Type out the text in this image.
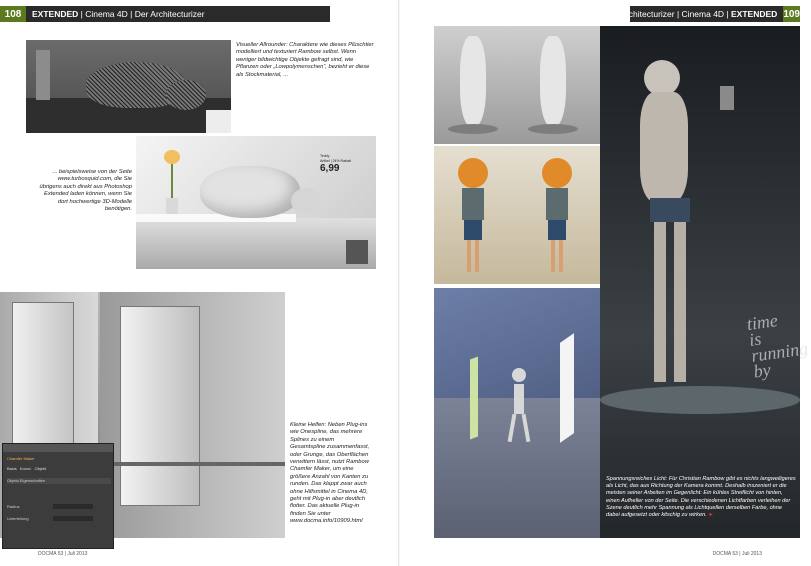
108	EXTENDED | Cinema 4D | Der Architecturizer
Visueller Allrounder: Charaktere wie dieses Plüschtier modelliert und texturiert Rambow selbst. Wenn weniger bildwichtige Objekte gefragt sind, wie Pflanzen oder „Lowpolymenschen“, bezieht er diese als Stockmaterial, ...
Teddy
Artikel | 24% Rabatt
6,99
... beispielsweise von der Seite www.turbosquid.com, die Sie übrigens auch direkt aus Photoshop Extended laden können, wenn Sie dort hochwertige 3D-Modelle benötigen.
Chamfer Maker
Basis Koord. Objekt
Objekt-Eigenschaften
Radius
Unterteilung
Kleine Helfen: Neben Plug-ins wie Onespline, das mehrere Splines zu einem Gesamtspline zusammenfasst, oder Grunge, das Oberflächen verwittern lässt, nutzt Rambow Chamfer Maker, um eine größere Anzahl von Kanten zu runden. Das klappt zwar auch ohne Hilfsmittel in Cinema 4D, geht mit Plug-in aber deutlich flotter. Das aktuelle Plug-in finden Sie unter www.docma.info/10909.html
DOCMA 53 | Juli 2013
Der Architecturizer | Cinema 4D | EXTENDED 109
time
is running
by
Spannungsreiches Licht: Für Christian Rambow gibt es nichts langweiligeres als Licht, das aus Richtung der Kamera kommt. Deshalb inszeniert er die meisten seiner Arbeiten im Gegenlicht: Ein kühles Streiflicht von hinten, einen Aufheller von der Seite. Die verschiedenen Lichtfarben verleihen der Szene deutlich mehr Spannung als Lichtquellen derselben Farbe, ohne dabei aufgesetzt oder kitschig zu wirken. ►
DOCMA 53 | Juli 2013
